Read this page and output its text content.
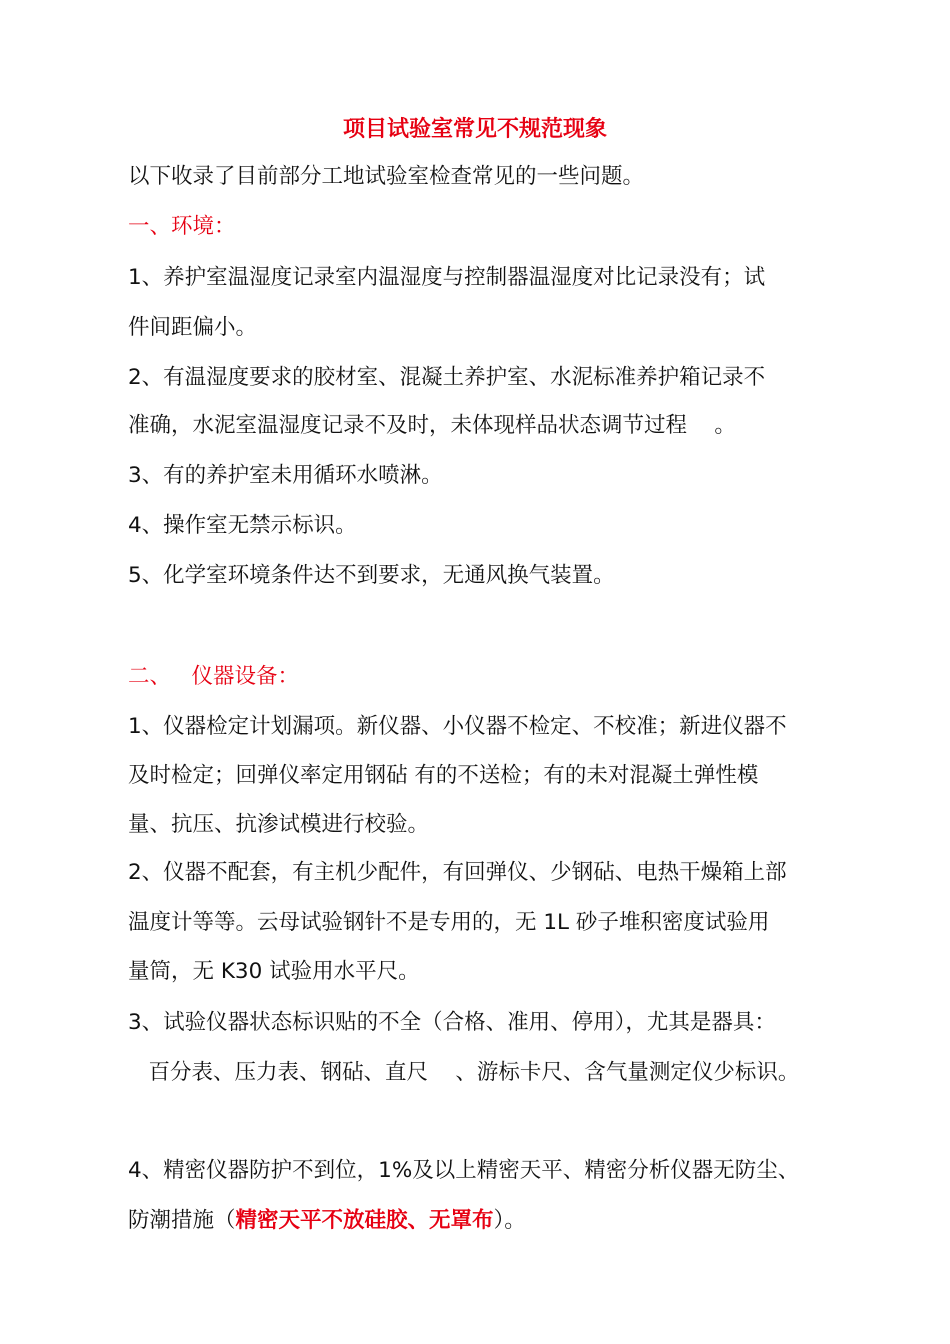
项目试验室常见不规范现象
以下收录了目前部分工地试验室检查常见的一些问题。
一、环境：
1、养护室温湿度记录室内温湿度与控制器温湿度对比记录没有；试
件间距偏小。
2、有温湿度要求的胶材室、混凝土养护室、水泥标准养护箱记录不
准确，水泥室温湿度记录不及时，未体现样品状态调节过程    。
3、有的养护室未用循环水喷淋。
4、操作室无禁示标识。
5、化学室环境条件达不到要求，无通风换气装置。
二、   仪器设备：
1、仪器检定计划漏项。新仪器、小仪器不检定、不校准；新进仪器不
及时检定；回弹仪率定用钢砧 有的不送检；有的未对混凝土弹性模
量、抗压、抗渗试模进行校验。
2、仪器不配套，有主机少配件，有回弹仪、少钢砧、电热干燥箱上部
温度计等等。云母试验钢针不是专用的，无 1L 砂子堆积密度试验用
量筒，无 K30 试验用水平尺。
3、试验仪器状态标识贴的不全（合格、准用、停用），尤其是器具：
百分表、压力表、钢砧、直尺    、游标卡尺、含气量测定仪少标识。
4、精密仪器防护不到位，1%及以上精密天平、精密分析仪器无防尘、
防潮措施（精密天平不放硅胶、无罩布）。
